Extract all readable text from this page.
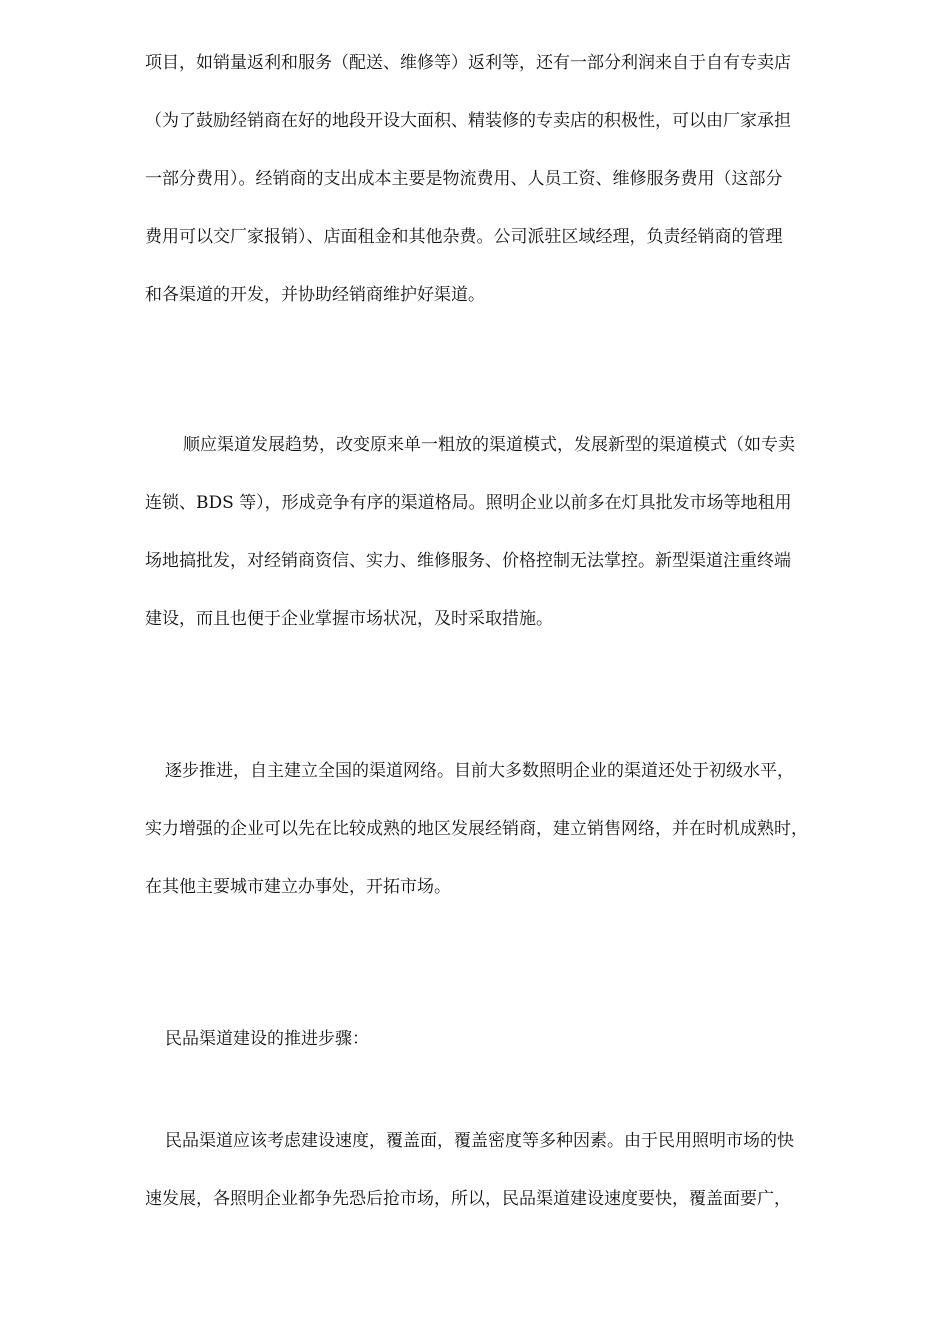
项目，如销量返利和服务（配送、维修等）返利等，还有一部分利润来自于自有专卖店
（为了鼓励经销商在好的地段开设大面积、精装修的专卖店的积极性，可以由厂家承担
一部分费用）。经销商的支出成本主要是物流费用、人员工资、维修服务费用（这部分
费用可以交厂家报销）、店面租金和其他杂费。公司派驻区域经理，负责经销商的管理
和各渠道的开发，并协助经销商维护好渠道。
顺应渠道发展趋势，改变原来单一粗放的渠道模式，发展新型的渠道模式（如专卖
连锁、BDS 等），形成竞争有序的渠道格局。照明企业以前多在灯具批发市场等地租用
场地搞批发，对经销商资信、实力、维修服务、价格控制无法掌控。新型渠道注重终端
建设，而且也便于企业掌握市场状况，及时采取措施。
逐步推进，自主建立全国的渠道网络。目前大多数照明企业的渠道还处于初级水平，
实力增强的企业可以先在比较成熟的地区发展经销商，建立销售网络，并在时机成熟时，
在其他主要城市建立办事处，开拓市场。
民品渠道建设的推进步骤：
民品渠道应该考虑建设速度，覆盖面，覆盖密度等多种因素。由于民用照明市场的快
速发展，各照明企业都争先恐后抢市场，所以，民品渠道建设速度要快，覆盖面要广，
